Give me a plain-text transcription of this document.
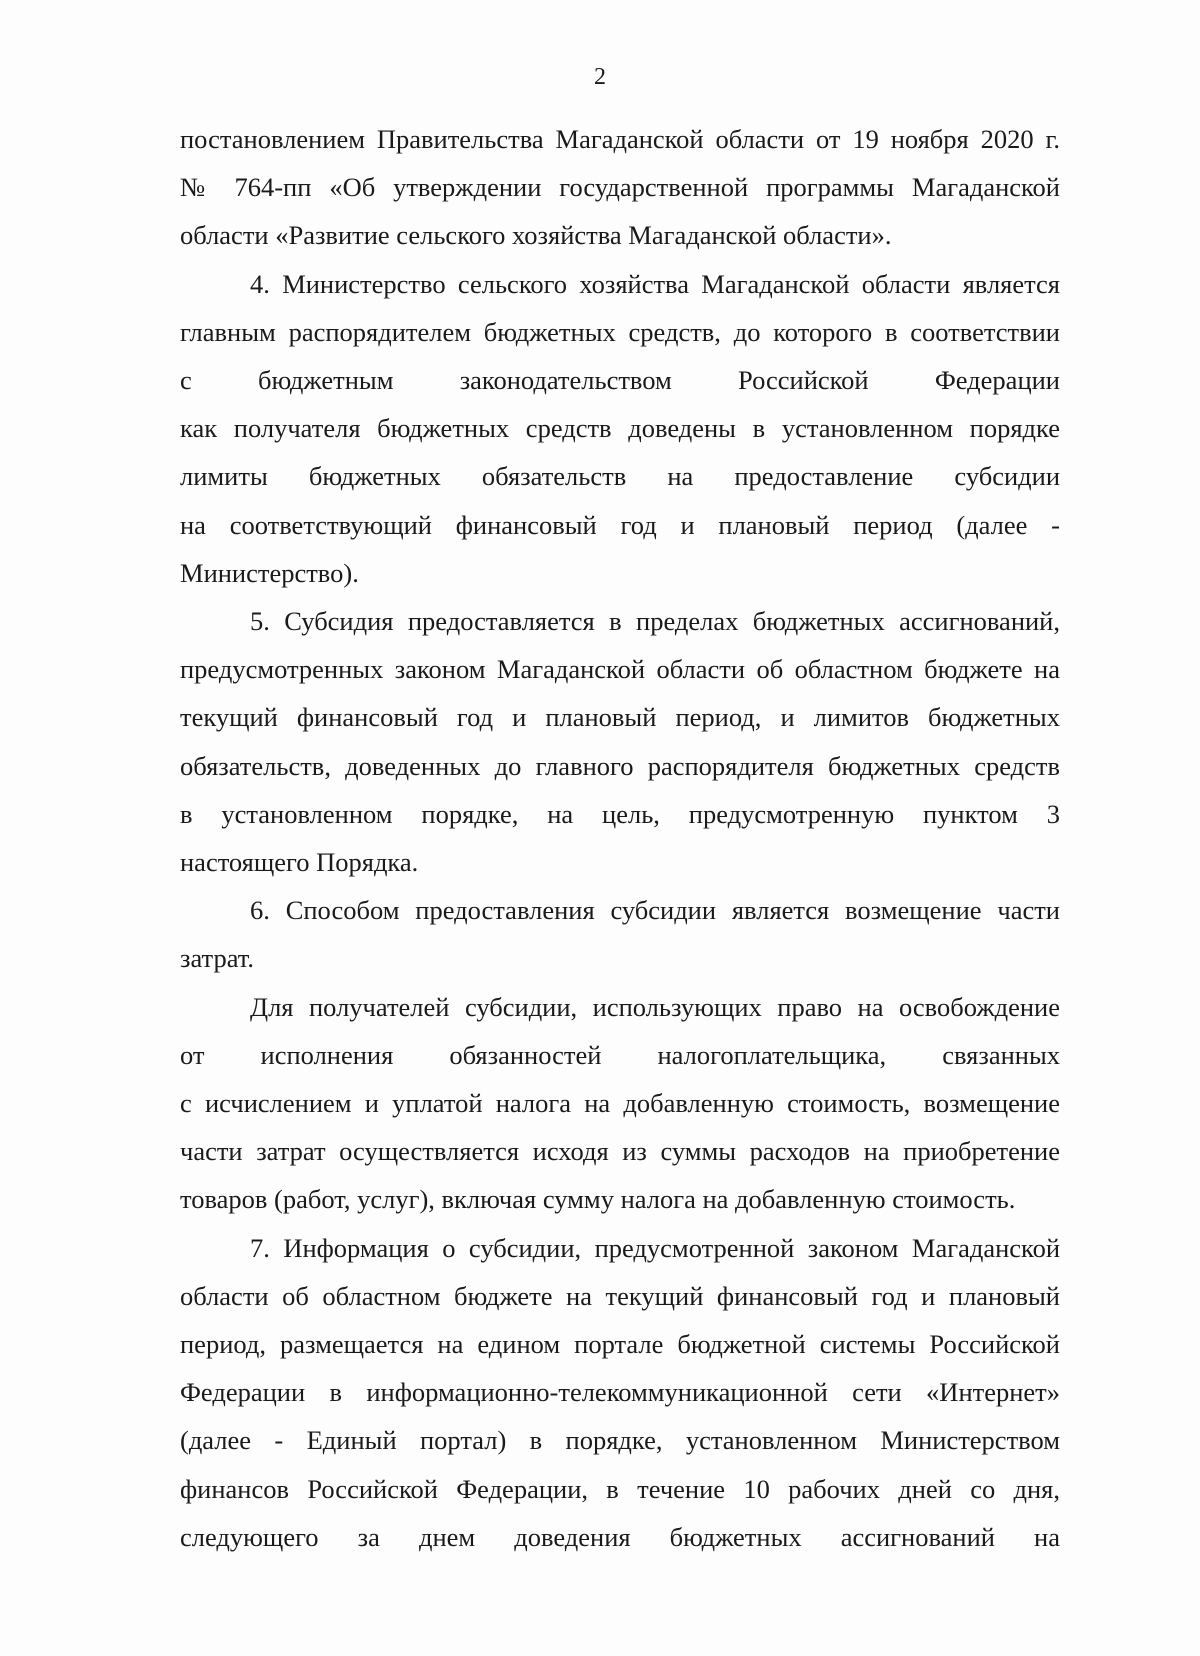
2

постановлением Правительства Магаданской области от 19 ноября 2020 г.
№ 764-пп «Об утверждении государственной программы Магаданской
области «Развитие сельского хозяйства Магаданской области».
4. Министерство сельского хозяйства Магаданской области является
главным распорядителем бюджетных средств, до которого в соответствии
с бюджетным законодательством Российской Федерации
как получателя бюджетных средств доведены в установленном порядке
лимиты бюджетных обязательств на предоставление субсидии
на соответствующий финансовый год и плановый период (далее -
Министерство).
5. Субсидия предоставляется в пределах бюджетных ассигнований,
предусмотренных законом Магаданской области об областном бюджете на
текущий финансовый год и плановый период, и лимитов бюджетных
обязательств, доведенных до главного распорядителя бюджетных средств
в установленном порядке, на цель, предусмотренную пунктом 3
настоящего Порядка.
6. Способом предоставления субсидии является возмещение части
затрат.
Для получателей субсидии, использующих право на освобождение
от исполнения обязанностей налогоплательщика, связанных
с исчислением и уплатой налога на добавленную стоимость, возмещение
части затрат осуществляется исходя из суммы расходов на приобретение
товаров (работ, услуг), включая сумму налога на добавленную стоимость.
7. Информация о субсидии, предусмотренной законом Магаданской
области об областном бюджете на текущий финансовый год и плановый
период, размещается на едином портале бюджетной системы Российской
Федерации в информационно-телекоммуникационной сети «Интернет»
(далее - Единый портал) в порядке, установленном Министерством
финансов Российской Федерации, в течение 10 рабочих дней со дня,
следующего за днем доведения бюджетных ассигнований на
